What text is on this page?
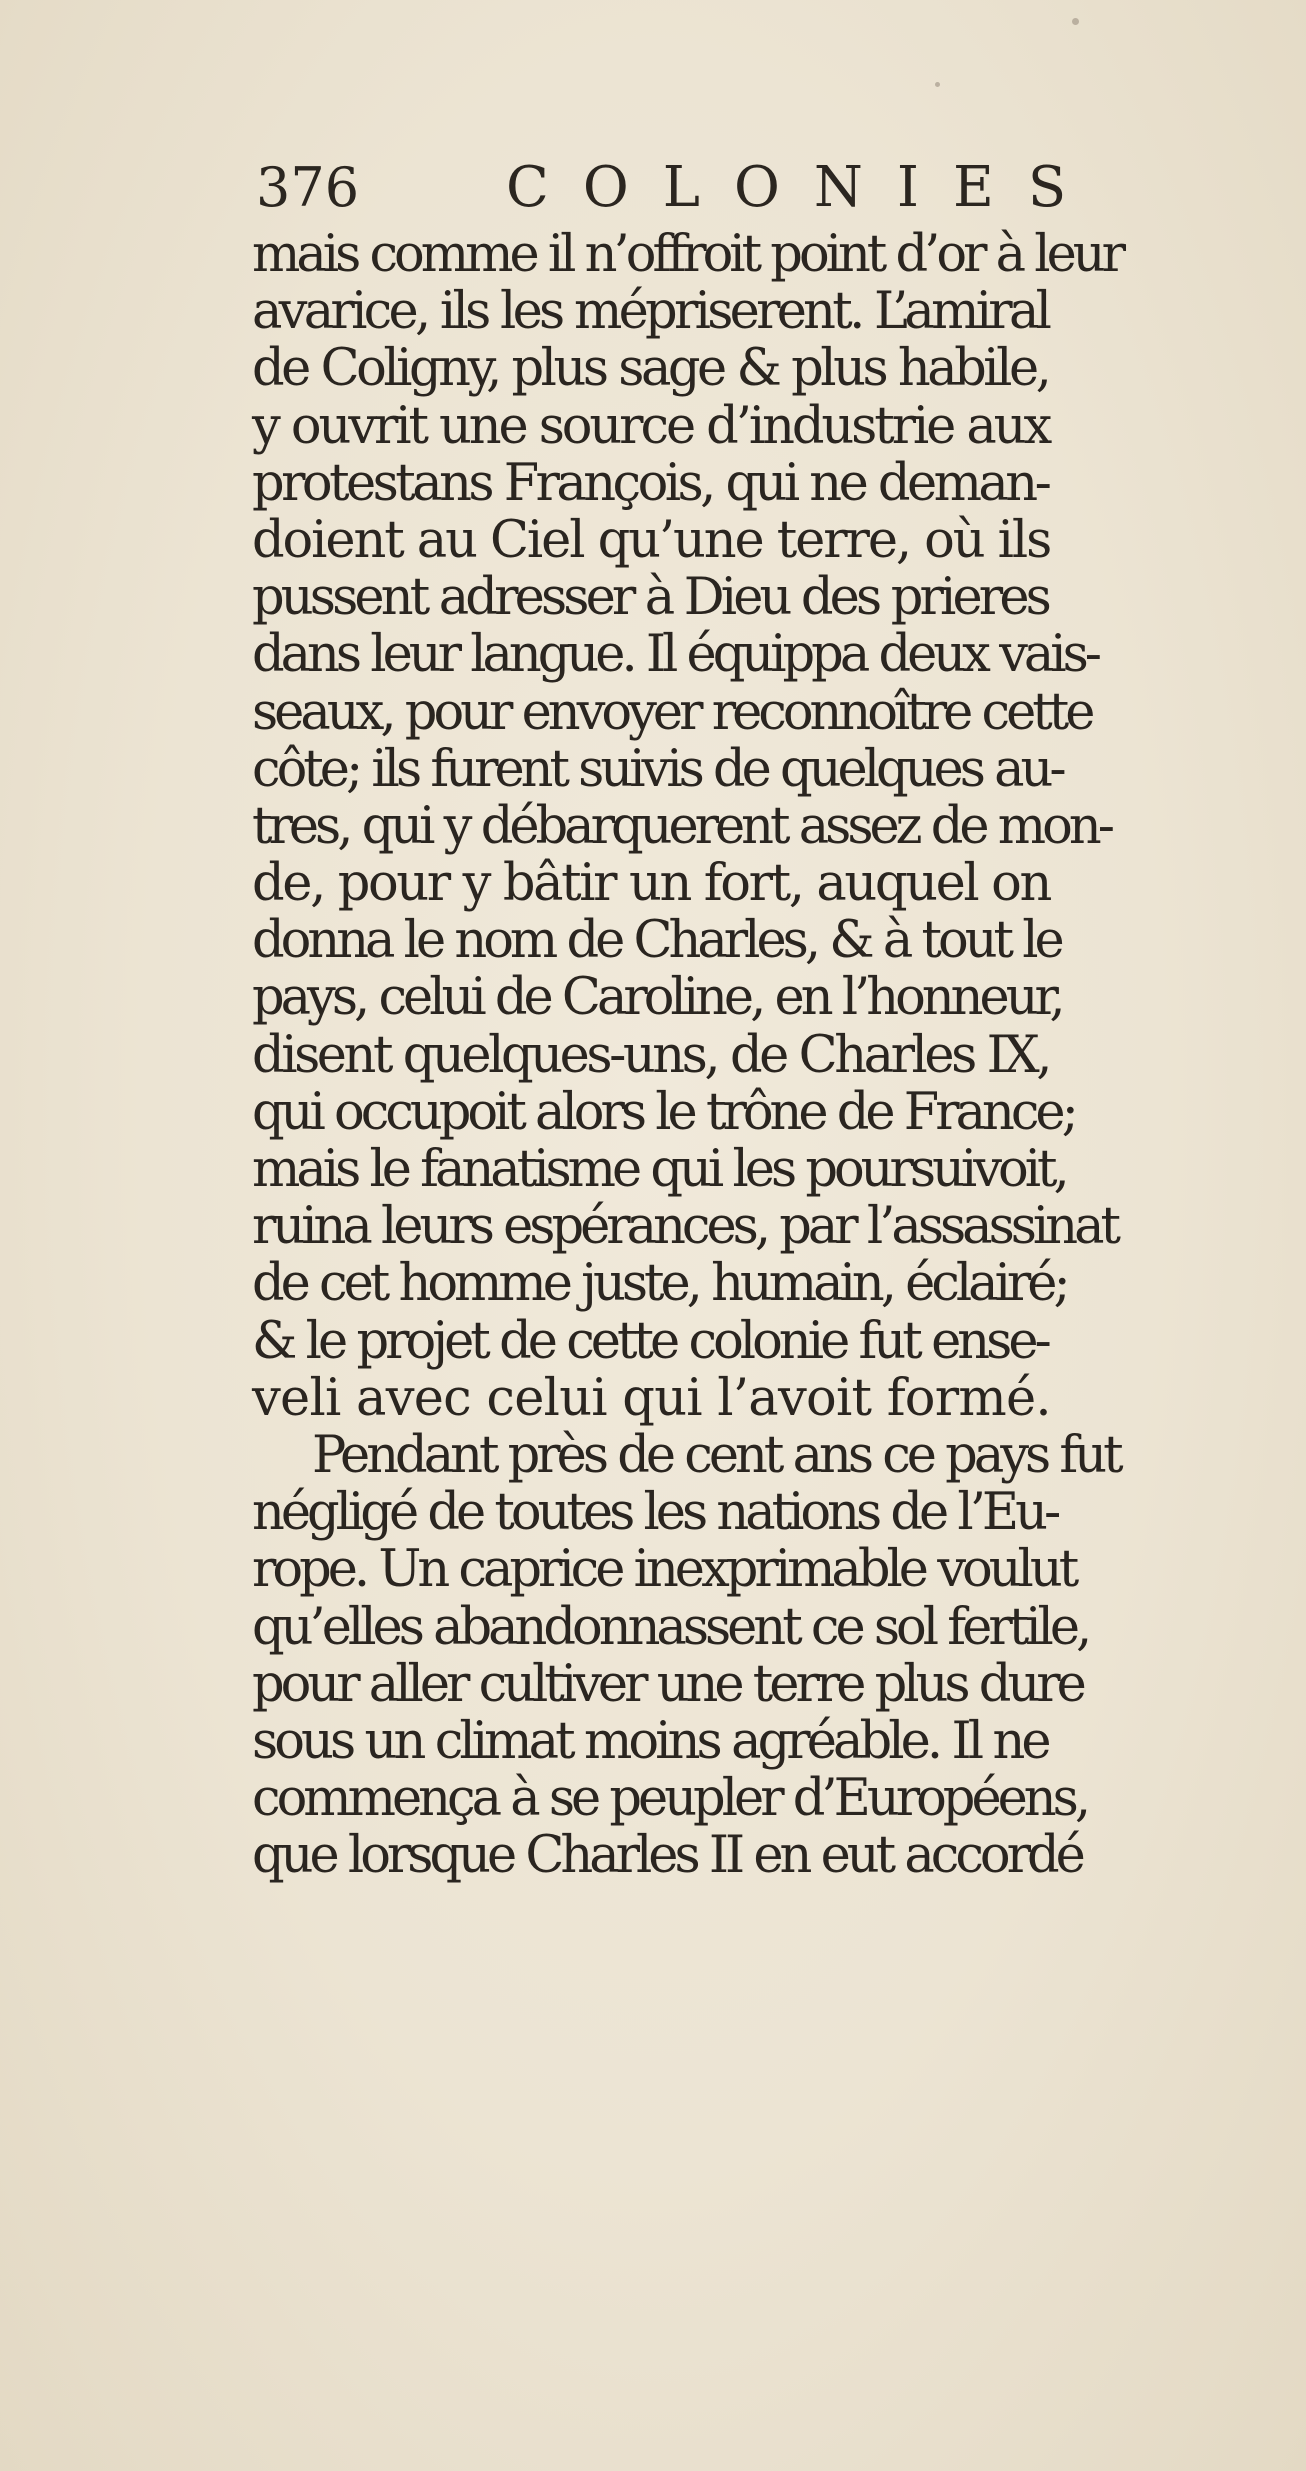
376	COLONIES
mais comme il n’offroit point d’or à leur
avarice, ils les mépriserent. L’amiral
de Coligny, plus sage & plus habile,
y ouvrit une source d’industrie aux
protestans François, qui ne deman-
doient au Ciel qu’une terre, où ils
pussent adresser à Dieu des prieres
dans leur langue. Il équippa deux vais-
seaux, pour envoyer reconnoître cette
côte; ils furent suivis de quelques au-
tres, qui y débarquerent assez de mon-
de, pour y bâtir un fort, auquel on
donna le nom de Charles, & à tout le
pays, celui de Caroline, en l’honneur,
disent quelques-uns, de Charles IX,
qui occupoit alors le trône de France;
mais le fanatisme qui les poursuivoit,
ruina leurs espérances, par l’assassinat
de cet homme juste, humain, éclairé;
& le projet de cette colonie fut ense-
veli avec celui qui l’avoit formé.
Pendant près de cent ans ce pays fut
négligé de toutes les nations de l’Eu-
rope. Un caprice inexprimable voulut
qu’elles abandonnassent ce sol fertile,
pour aller cultiver une terre plus dure
sous un climat moins agréable. Il ne
commença à se peupler d’Européens,
que lorsque Charles II en eut accordé
